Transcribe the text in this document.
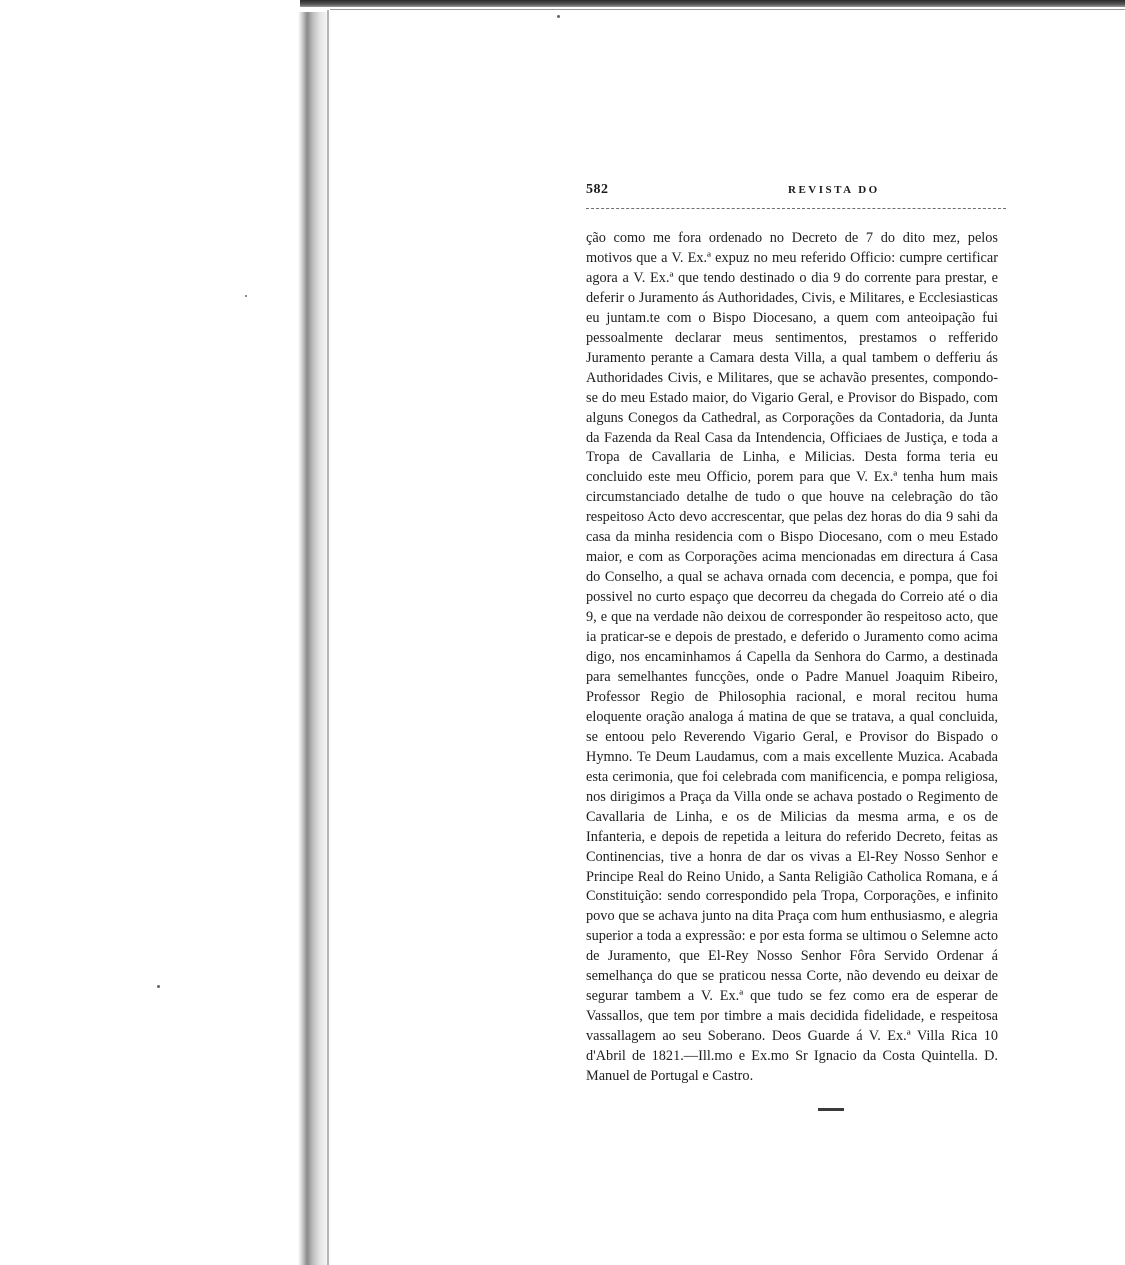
582	REVISTA DO

ção como me fora ordenado no Decreto de 7 do dito mez, pelos motivos que a V. Ex.ª expuz no meu referido Officio: cumpre certificar agora a V. Ex.ª que tendo destinado o dia 9 do corrente para prestar, e deferir o Juramento ás Authoridades, Civis, e Militares, e Ecclesiasticas eu juntam.te com o Bispo Diocesano, a quem com anteoipação fui pessoalmente declarar meus sentimentos, prestamos o refferido Juramento perante a Camara desta Villa, a qual tambem o defferiu ás Authoridades Civis, e Militares, que se achavão presentes, compondo-se do meu Estado maior, do Vigario Geral, e Provisor do Bispado, com alguns Conegos da Cathedral, as Corporações da Contadoria, da Junta da Fazenda da Real Casa da Intendencia, Officiaes de Justiça, e toda a Tropa de Cavallaria de Linha, e Milicias. Desta forma teria eu concluido este meu Officio, porem para que V. Ex.ª tenha hum mais circumstanciado detalhe de tudo o que houve na celebração do tão respeitoso Acto devo accrescentar, que pelas dez horas do dia 9 sahi da casa da minha residencia com o Bispo Diocesano, com o meu Estado maior, e com as Corporações acima mencionadas em directura á Casa do Conselho, a qual se achava ornada com decencia, e pompa, que foi possivel no curto espaço que decorreu da chegada do Correio até o dia 9, e que na verdade não deixou de corresponder ão respeitoso acto, que ia praticar-se e depois de prestado, e deferido o Juramento como acima digo, nos encaminhamos á Capella da Senhora do Carmo, a destinada para semelhantes funcções, onde o Padre Manuel Joaquim Ribeiro, Professor Regio de Philosophia racional, e moral recitou huma eloquente oração analoga á matina de que se tratava, a qual concluida, se entoou pelo Reverendo Vigario Geral, e Provisor do Bispado o Hymno. Te Deum Laudamus, com a mais excellente Muzica. Acabada esta cerimonia, que foi celebrada com manificencia, e pompa religiosa, nos dirigimos a Praça da Villa onde se achava postado o Regimento de Cavallaria de Linha, e os de Milicias da mesma arma, e os de Infanteria, e depois de repetida a leitura do referido Decreto, feitas as Continencias, tive a honra de dar os vivas a El-Rey Nosso Senhor e Principe Real do Reino Unido, a Santa Religião Catholica Romana, e á Constituição: sendo correspondido pela Tropa, Corporações, e infinito povo que se achava junto na dita Praça com hum enthusiasmo, e alegria superior a toda a expressão: e por esta forma se ultimou o Selemne acto de Juramento, que El-Rey Nosso Senhor Fôra Servido Ordenar á semelhança do que se praticou nessa Corte, não devendo eu deixar de segurar tambem a V. Ex.ª que tudo se fez como era de esperar de Vassallos, que tem por timbre a mais decidida fidelidade, e respeitosa vassallagem ao seu Soberano. Deos Guarde á V. Ex.ª Villa Rica 10 d'Abril de 1821.—Ill.mo e Ex.mo Sr Ignacio da Costa Quintella. D. Manuel de Portugal e Castro.
